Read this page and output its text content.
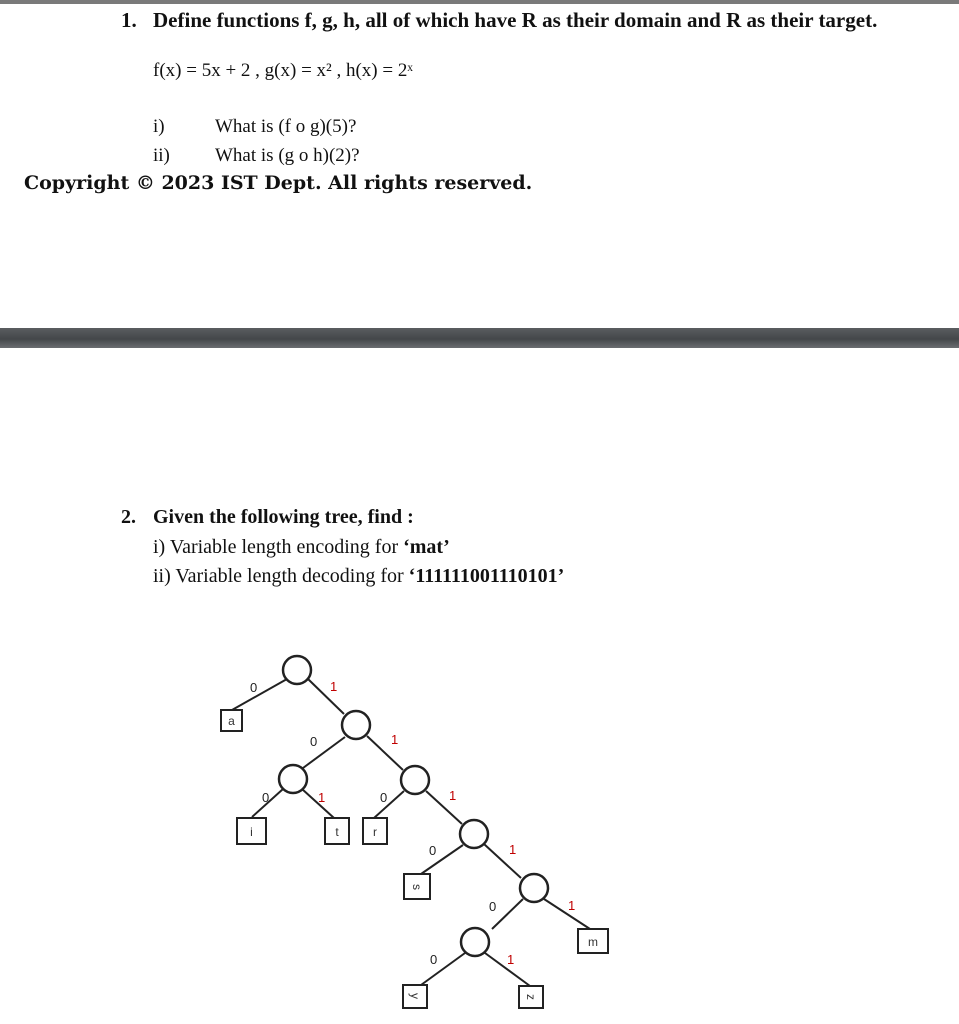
1. Define functions f, g, h, all of which have R as their domain and R as their target.
f(x) = 5x + 2 , g(x) = x² , h(x) = 2ˣ
i)	What is (f o g)(5)?
ii) What is (g o h)(2)?
Copyright © 2023 IST Dept. All rights reserved.
2. Given the following tree, find :
i) Variable length encoding for ‘mat’
ii) Variable length decoding for ‘111111001110101’
a
i	t	r
s
y	z
m
0	1
0	1
0	1	0	1
0	1
0	1
0	1
